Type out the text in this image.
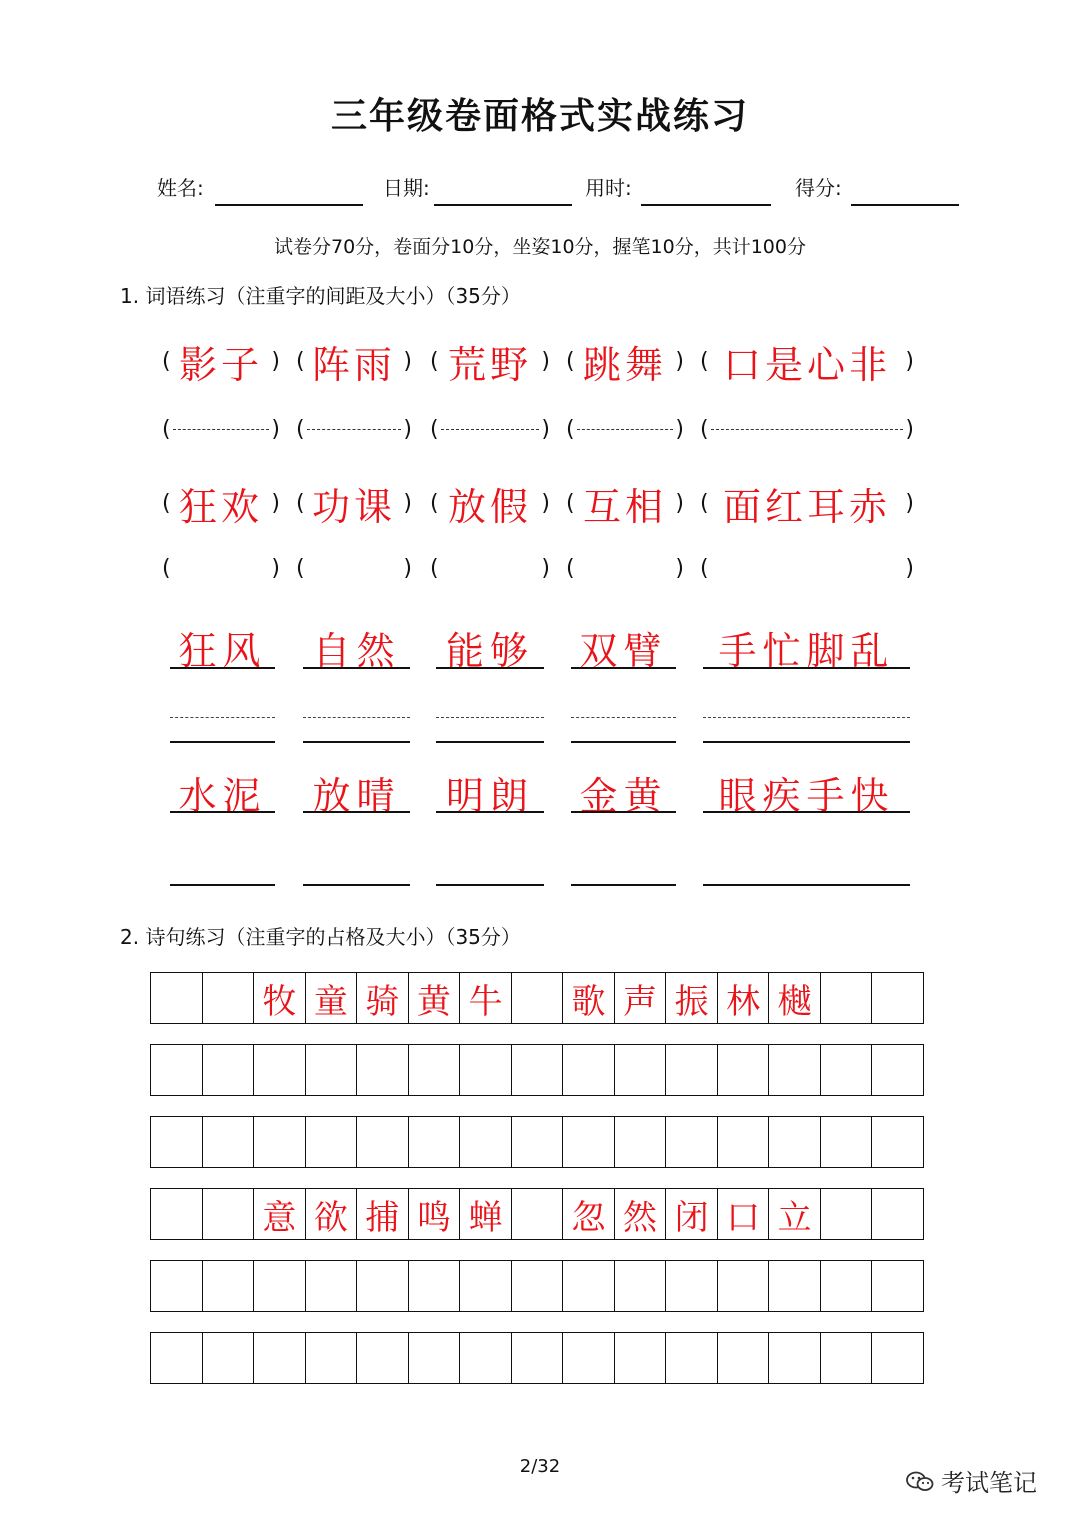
三年级卷面格式实战练习
姓名:	日期:	用时:	得分:
试卷分70分，卷面分10分，坐姿10分，握笔10分，共计100分
1. 词语练习（注重字的间距及大小）（35分）
( 影子 ) ( 阵雨 ) ( 荒野 ) ( 跳舞 ) ( 口是心非 )
(	) (	) (	) (	) (	)
( 狂欢 ) ( 功课 ) ( 放假 ) ( 互相 ) ( 面红耳赤 )
(	) (	) (	) (	) (	)
狂风 自然 能够 双臂	手忙脚乱
水泥 放晴 明朗 金黄	眼疾手快
2. 诗句练习（注重字的占格及大小）（35分）
牧 童 骑 黄 牛 歌 声 振 林 樾
意 欲 捕 鸣 蝉 忽 然 闭 口 立
2/32
考试笔记
